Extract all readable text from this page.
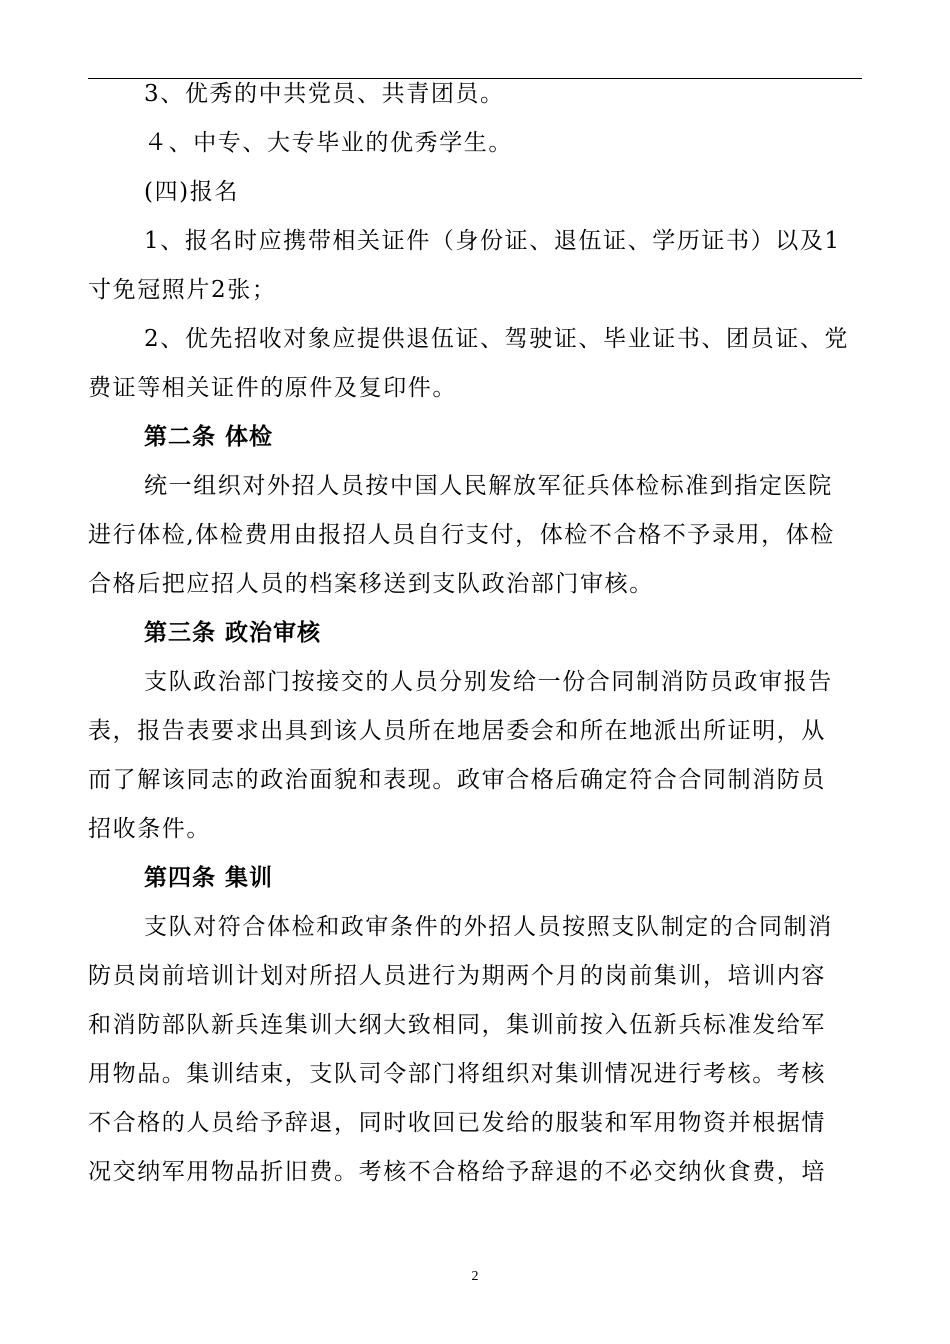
3、优秀的中共党员、共青团员。
４、中专、大专毕业的优秀学生。
(四)报名
1、报名时应携带相关证件（身份证、退伍证、学历证书）以及1
寸免冠照片2张；
2、优先招收对象应提供退伍证、驾驶证、毕业证书、团员证、党
费证等相关证件的原件及复印件。
第二条 体检
统一组织对外招人员按中国人民解放军征兵体检标准到指定医院
进行体检,体检费用由报招人员自行支付，体检不合格不予录用，体检
合格后把应招人员的档案移送到支队政治部门审核。
第三条 政治审核
支队政治部门按接交的人员分别发给一份合同制消防员政审报告
表，报告表要求出具到该人员所在地居委会和所在地派出所证明，从
而了解该同志的政治面貌和表现。政审合格后确定符合合同制消防员
招收条件。
第四条 集训
支队对符合体检和政审条件的外招人员按照支队制定的合同制消
防员岗前培训计划对所招人员进行为期两个月的岗前集训，培训内容
和消防部队新兵连集训大纲大致相同，集训前按入伍新兵标准发给军
用物品。集训结束，支队司令部门将组织对集训情况进行考核。考核
不合格的人员给予辞退，同时收回已发给的服装和军用物资并根据情
况交纳军用物品折旧费。考核不合格给予辞退的不必交纳伙食费，培
2
